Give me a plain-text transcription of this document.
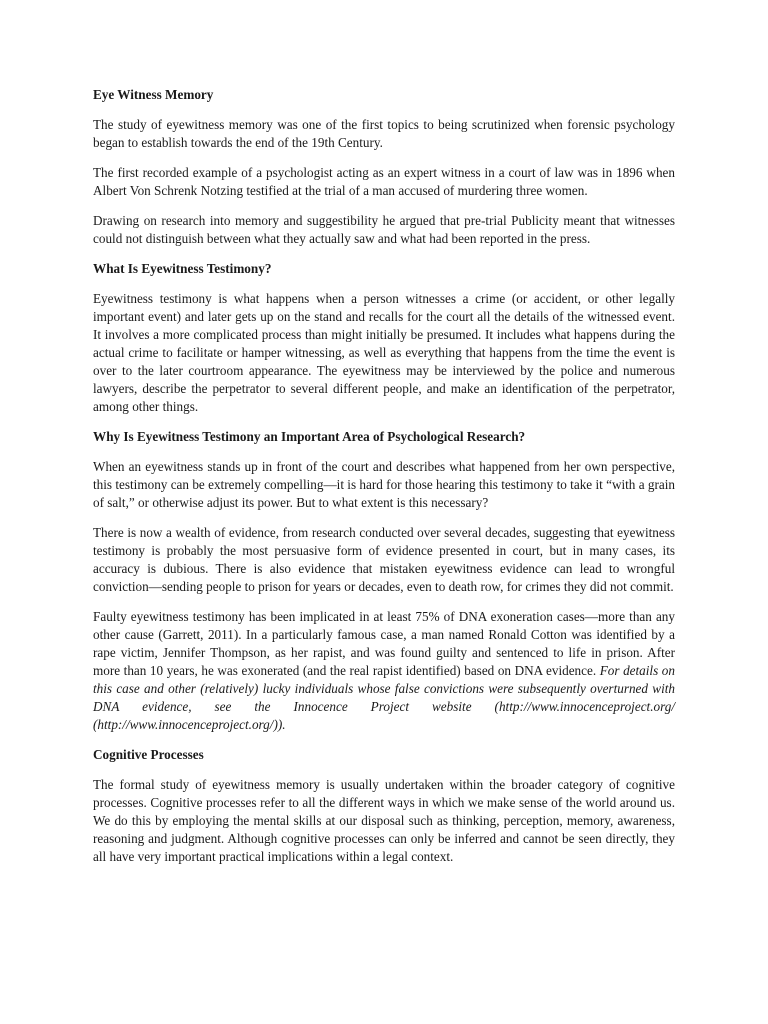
Eye Witness Memory

The study of eyewitness memory was one of the first topics to being scrutinized when forensic psychology began to establish towards the end of the 19th Century.

The first recorded example of a psychologist acting as an expert witness in a court of law was in 1896 when Albert Von Schrenk Notzing testified at the trial of a man accused of murdering three women.

Drawing on research into memory and suggestibility he argued that pre-trial Publicity meant that witnesses could not distinguish between what they actually saw and what had been reported in the press.

What Is Eyewitness Testimony?

Eyewitness testimony is what happens when a person witnesses a crime (or accident, or other legally important event) and later gets up on the stand and recalls for the court all the details of the witnessed event. It involves a more complicated process than might initially be presumed. It includes what happens during the actual crime to facilitate or hamper witnessing, as well as everything that happens from the time the event is over to the later courtroom appearance. The eyewitness may be interviewed by the police and numerous lawyers, describe the perpetrator to several different people, and make an identification of the perpetrator, among other things.

Why Is Eyewitness Testimony an Important Area of Psychological Research?

When an eyewitness stands up in front of the court and describes what happened from her own perspective, this testimony can be extremely compelling—it is hard for those hearing this testimony to take it “with a grain of salt,” or otherwise adjust its power. But to what extent is this necessary?

There is now a wealth of evidence, from research conducted over several decades, suggesting that eyewitness testimony is probably the most persuasive form of evidence presented in court, but in many cases, its accuracy is dubious. There is also evidence that mistaken eyewitness evidence can lead to wrongful conviction—sending people to prison for years or decades, even to death row, for crimes they did not commit.

Faulty eyewitness testimony has been implicated in at least 75% of DNA exoneration cases—more than any other cause (Garrett, 2011). In a particularly famous case, a man named Ronald Cotton was identified by a rape victim, Jennifer Thompson, as her rapist, and was found guilty and sentenced to life in prison. After more than 10 years, he was exonerated (and the real rapist identified) based on DNA evidence. For details on this case and other (relatively) lucky individuals whose false convictions were subsequently overturned with DNA evidence, see the Innocence Project website (http://www.innocenceproject.org/ (http://www.innocenceproject.org/)).

Cognitive Processes

The formal study of eyewitness memory is usually undertaken within the broader category of cognitive processes. Cognitive processes refer to all the different ways in which we make sense of the world around us. We do this by employing the mental skills at our disposal such as thinking, perception, memory, awareness, reasoning and judgment. Although cognitive processes can only be inferred and cannot be seen directly, they all have very important practical implications within a legal context.
